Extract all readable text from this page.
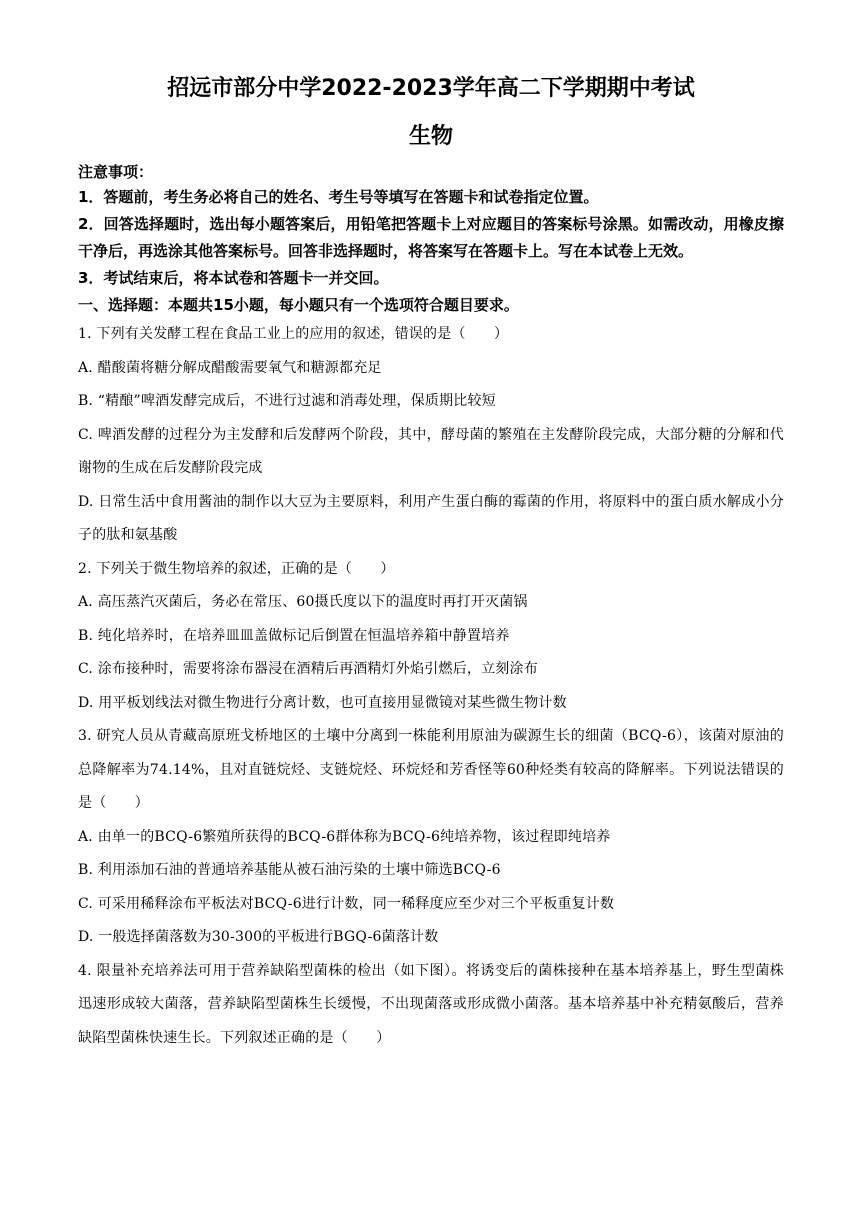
招远市部分中学2022-2023学年高二下学期期中考试
生物

注意事项：

1．答题前，考生务必将自己的姓名、考生号等填写在答题卡和试卷指定位置。

2．回答选择题时，选出每小题答案后，用铅笔把答题卡上对应题目的答案标号涂黑。如需改动，用橡皮擦干净后，再选涂其他答案标号。回答非选择题时，将答案写在答题卡上。写在本试卷上无效。

3．考试结束后，将本试卷和答题卡一并交回。

一、选择题：本题共15小题，每小题只有一个选项符合题目要求。

1. 下列有关发酵工程在食品工业上的应用的叙述，错误的是（　　）

A. 醋酸菌将糖分解成醋酸需要氧气和糖源都充足

B. “精酿”啤酒发酵完成后，不进行过滤和消毒处理，保质期比较短

C. 啤酒发酵的过程分为主发酵和后发酵两个阶段，其中，酵母菌的繁殖在主发酵阶段完成，大部分糖的分解和代谢物的生成在后发酵阶段完成

D. 日常生活中食用酱油的制作以大豆为主要原料，利用产生蛋白酶的霉菌的作用，将原料中的蛋白质水解成小分子的肽和氨基酸

2. 下列关于微生物培养的叙述，正确的是（　　）

A. 高压蒸汽灭菌后，务必在常压、60摄氏度以下的温度时再打开灭菌锅

B. 纯化培养时，在培养皿皿盖做标记后倒置在恒温培养箱中静置培养

C. 涂布接种时，需要将涂布器浸在酒精后再酒精灯外焰引燃后，立刻涂布

D. 用平板划线法对微生物进行分离计数，也可直接用显微镜对某些微生物计数

3. 研究人员从青藏高原班戈桥地区的土壤中分离到一株能利用原油为碳源生长的细菌（BCQ-6），该菌对原油的总降解率为74.14%，且对直链烷烃、支链烷烃、环烷烃和芳香怪等60种烃类有较高的降解率。下列说法错误的是（　　）

A. 由单一的BCQ-6繁殖所获得的BCQ-6群体称为BCQ-6纯培养物，该过程即纯培养

B. 利用添加石油的普通培养基能从被石油污染的土壤中筛选BCQ-6

C. 可采用稀释涂布平板法对BCQ-6进行计数，同一稀释度应至少对三个平板重复计数

D. 一般选择菌落数为30-300的平板进行BGQ-6菌落计数

4. 限量补充培养法可用于营养缺陷型菌株的检出（如下图）。将诱变后的菌株接种在基本培养基上，野生型菌株迅速形成较大菌落，营养缺陷型菌株生长缓慢，不出现菌落或形成微小菌落。基本培养基中补充精氨酸后，营养缺陷型菌株快速生长。下列叙述正确的是（　　）
